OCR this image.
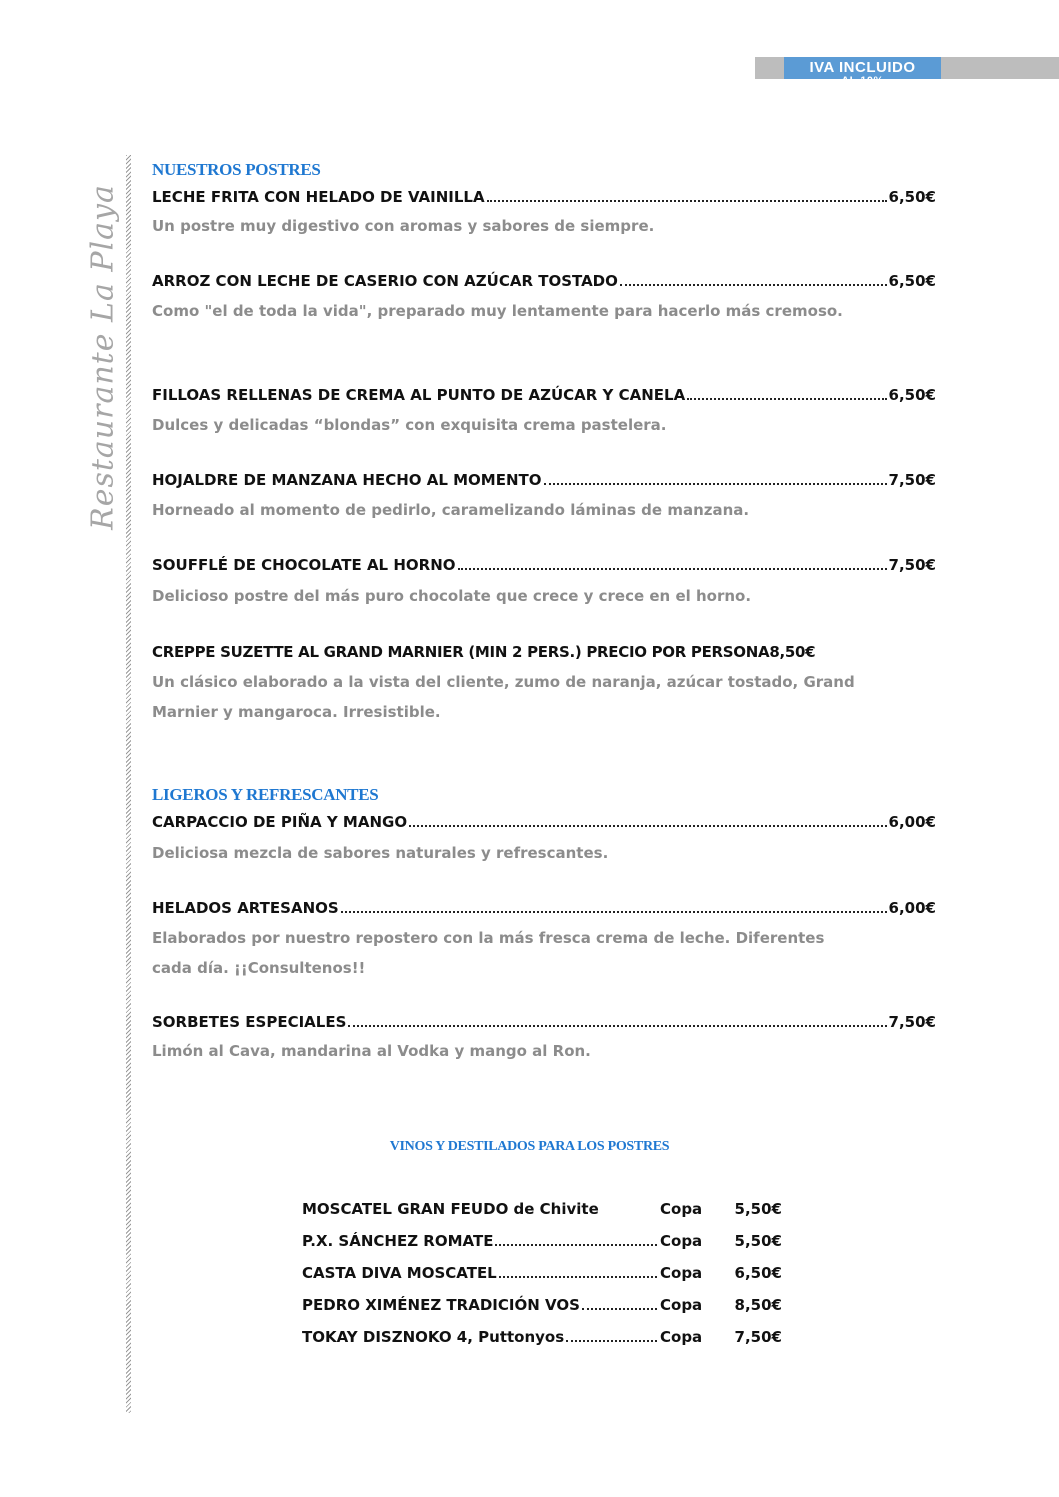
IVA INCLUIDO
AL 10%
Restaurante La Playa
NUESTROS POSTRES
LECHE FRITA CON HELADO DE VAINILLA	6,50€

Un postre muy digestivo con aromas y sabores de siempre.

ARROZ CON LECHE DE CASERIO CON AZÚCAR TOSTADO	6,50€

Como "el de toda la vida", preparado muy lentamente para hacerlo más cremoso.

FILLOAS RELLENAS DE CREMA AL PUNTO DE AZÚCAR Y CANELA	6,50€

Dulces y delicadas “blondas” con exquisita crema pastelera.

HOJALDRE DE MANZANA HECHO AL MOMENTO	7,50€

Horneado al momento de pedirlo, caramelizando láminas de manzana.

SOUFFLÉ DE CHOCOLATE AL HORNO	7,50€

Delicioso postre del más puro chocolate que crece y crece en el horno.

CREPPE SUZETTE AL GRAND MARNIER (MIN 2 PERS.) PRECIO POR PERSONA 8,50€

Un clásico elaborado a la vista del cliente, zumo de naranja, azúcar tostado, Grand Marnier y mangaroca. Irresistible.

LIGEROS Y REFRESCANTES
CARPACCIO DE PIÑA Y MANGO	6,00€

Deliciosa mezcla de sabores naturales y refrescantes.

HELADOS ARTESANOS	6,00€

Elaborados por nuestro repostero con la más fresca crema de leche. Diferentes cada día. ¡¡Consultenos!!

SORBETES ESPECIALES	7,50€

Limón al Cava, mandarina al Vodka y mango al Ron.

VINOS Y DESTILADOS PARA LOS POSTRES
MOSCATEL GRAN FEUDO de Chivite	Copa	5,50€
P.X. SÁNCHEZ ROMATE	Copa	5,50€
CASTA DIVA MOSCATEL	Copa	6,50€
PEDRO XIMÉNEZ TRADICIÓN VOS	Copa	8,50€
TOKAY DISZNOKO 4, Puttonyos	Copa	7,50€
